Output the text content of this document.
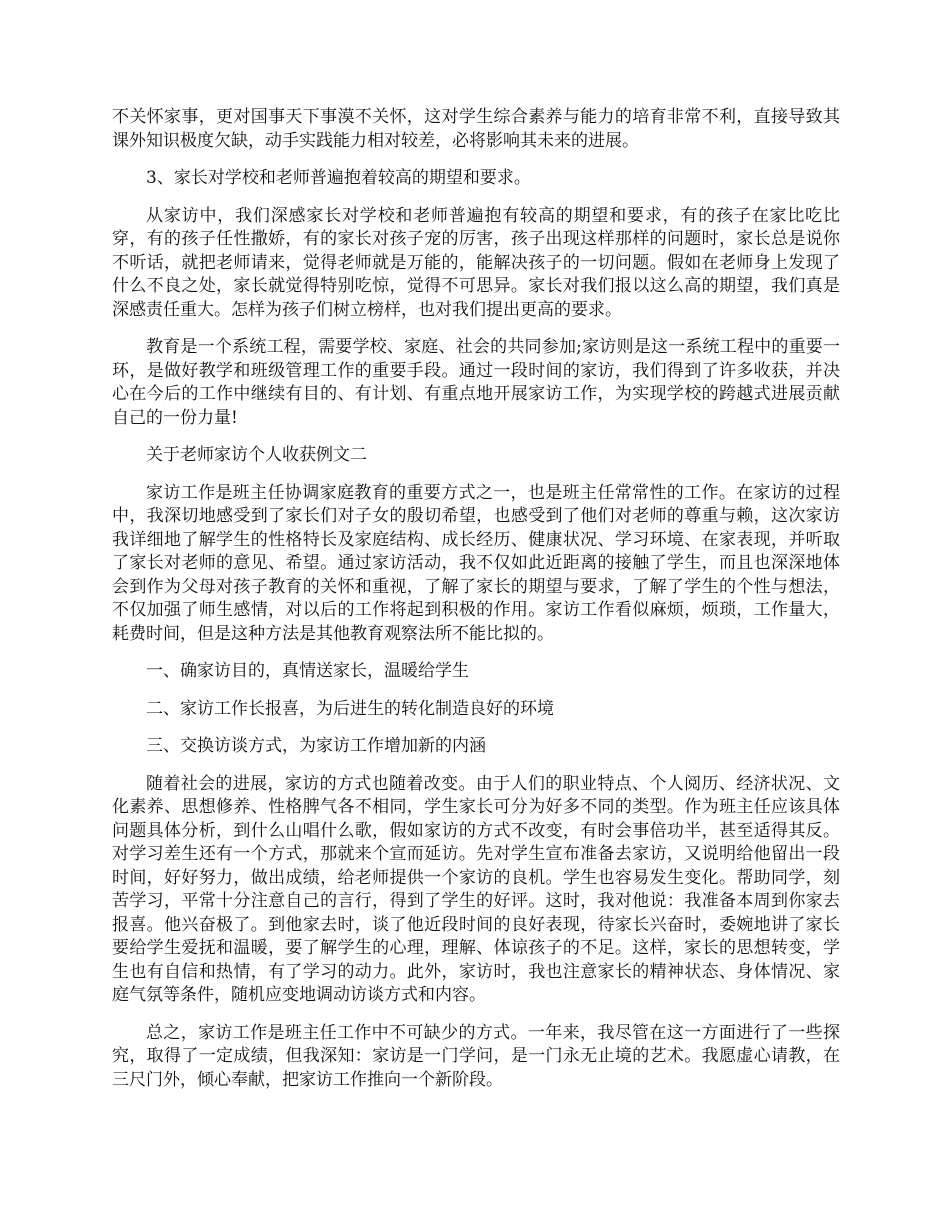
不关怀家事，更对国事天下事漠不关怀，这对学生综合素养与能力的培育非常不利，直接导致其课外知识极度欠缺，动手实践能力相对较差，必将影响其未来的进展。

3、家长对学校和老师普遍抱着较高的期望和要求。

从家访中，我们深感家长对学校和老师普遍抱有较高的期望和要求，有的孩子在家比吃比穿，有的孩子任性撒娇，有的家长对孩子宠的厉害，孩子出现这样那样的问题时，家长总是说你不听话，就把老师请来，觉得老师就是万能的，能解决孩子的一切问题。假如在老师身上发现了什么不良之处，家长就觉得特别吃惊，觉得不可思异。家长对我们报以这么高的期望，我们真是深感责任重大。怎样为孩子们树立榜样，也对我们提出更高的要求。

教育是一个系统工程，需要学校、家庭、社会的共同参加;家访则是这一系统工程中的重要一环，是做好教学和班级管理工作的重要手段。通过一段时间的家访，我们得到了许多收获，并决心在今后的工作中继续有目的、有计划、有重点地开展家访工作，为实现学校的跨越式进展贡献自己的一份力量!

关于老师家访个人收获例文二

家访工作是班主任协调家庭教育的重要方式之一，也是班主任常常性的工作。在家访的过程中，我深切地感受到了家长们对子女的殷切希望，也感受到了他们对老师的尊重与赖，这次家访我详细地了解学生的性格特长及家庭结构、成长经历、健康状况、学习环境、在家表现，并听取了家长对老师的意见、希望。通过家访活动，我不仅如此近距离的接触了学生，而且也深深地体会到作为父母对孩子教育的关怀和重视，了解了家长的期望与要求，了解了学生的个性与想法，不仅加强了师生感情，对以后的工作将起到积极的作用。家访工作看似麻烦，烦琐，工作量大，耗费时间，但是这种方法是其他教育观察法所不能比拟的。

一、确家访目的，真情送家长，温暖给学生

二、家访工作长报喜，为后进生的转化制造良好的环境

三、交换访谈方式，为家访工作增加新的内涵

随着社会的进展，家访的方式也随着改变。由于人们的职业特点、个人阅历、经济状况、文化素养、思想修养、性格脾气各不相同，学生家长可分为好多不同的类型。作为班主任应该具体问题具体分析，到什么山唱什么歌，假如家访的方式不改变，有时会事倍功半，甚至适得其反。对学习差生还有一个方式，那就来个宣而延访。先对学生宣布准备去家访，又说明给他留出一段时间，好好努力，做出成绩，给老师提供一个家访的良机。学生也容易发生变化。帮助同学，刻苦学习，平常十分注意自己的言行，得到了学生的好评。这时，我对他说：我准备本周到你家去报喜。他兴奋极了。到他家去时，谈了他近段时间的良好表现，待家长兴奋时，委婉地讲了家长要给学生爱抚和温暖，要了解学生的心理，理解、体谅孩子的不足。这样，家长的思想转变，学生也有自信和热情，有了学习的动力。此外，家访时，我也注意家长的精神状态、身体情况、家庭气氛等条件，随机应变地调动访谈方式和内容。

总之，家访工作是班主任工作中不可缺少的方式。一年来，我尽管在这一方面进行了一些探究，取得了一定成绩，但我深知：家访是一门学问，是一门永无止境的艺术。我愿虚心请教，在三尺门外，倾心奉献，把家访工作推向一个新阶段。
